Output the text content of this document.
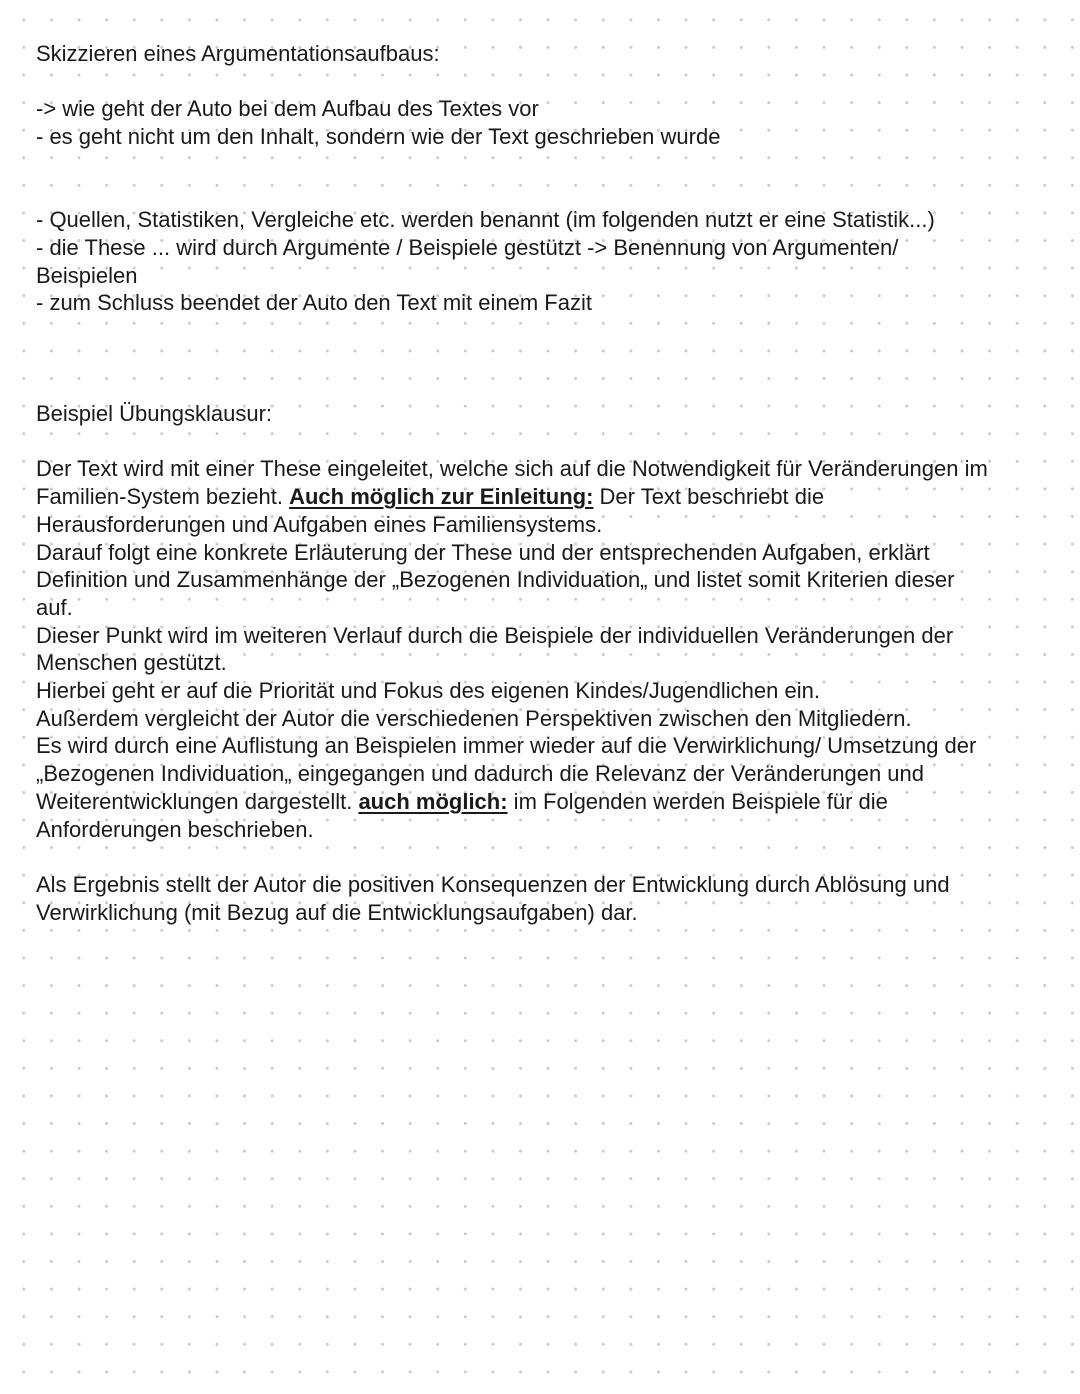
Skizzieren eines Argumentationsaufbaus:
-> wie geht der Auto bei dem Aufbau des Textes vor
- es geht nicht um den Inhalt, sondern wie der Text geschrieben wurde
- Quellen, Statistiken, Vergleiche etc. werden benannt (im folgenden nutzt er eine Statistik...)
- die These ... wird durch Argumente / Beispiele gestützt -> Benennung von Argumenten/
Beispielen
- zum Schluss beendet der Auto den Text mit einem Fazit
Beispiel Übungsklausur:
Der Text wird mit einer These eingeleitet, welche sich auf die Notwendigkeit für Veränderungen im
Familien-System bezieht. Auch möglich zur Einleitung: Der Text beschriebt die
Herausforderungen und Aufgaben eines Familiensystems.
Darauf folgt eine konkrete Erläuterung der These und der entsprechenden Aufgaben, erklärt
Definition und Zusammenhänge der „Bezogenen Individuation„ und listet somit Kriterien dieser
auf.
Dieser Punkt wird im weiteren Verlauf durch die Beispiele der individuellen Veränderungen der
Menschen gestützt.
Hierbei geht er auf die Priorität und Fokus des eigenen Kindes/Jugendlichen ein.
Außerdem vergleicht der Autor die verschiedenen Perspektiven zwischen den Mitgliedern.
Es wird durch eine Auflistung an Beispielen immer wieder auf die Verwirklichung/ Umsetzung der
„Bezogenen Individuation„ eingegangen und dadurch die Relevanz der Veränderungen und
Weiterentwicklungen dargestellt. auch möglich: im Folgenden werden Beispiele für die
Anforderungen beschrieben.
Als Ergebnis stellt der Autor die positiven Konsequenzen der Entwicklung durch Ablösung und
Verwirklichung (mit Bezug auf die Entwicklungsaufgaben) dar.
